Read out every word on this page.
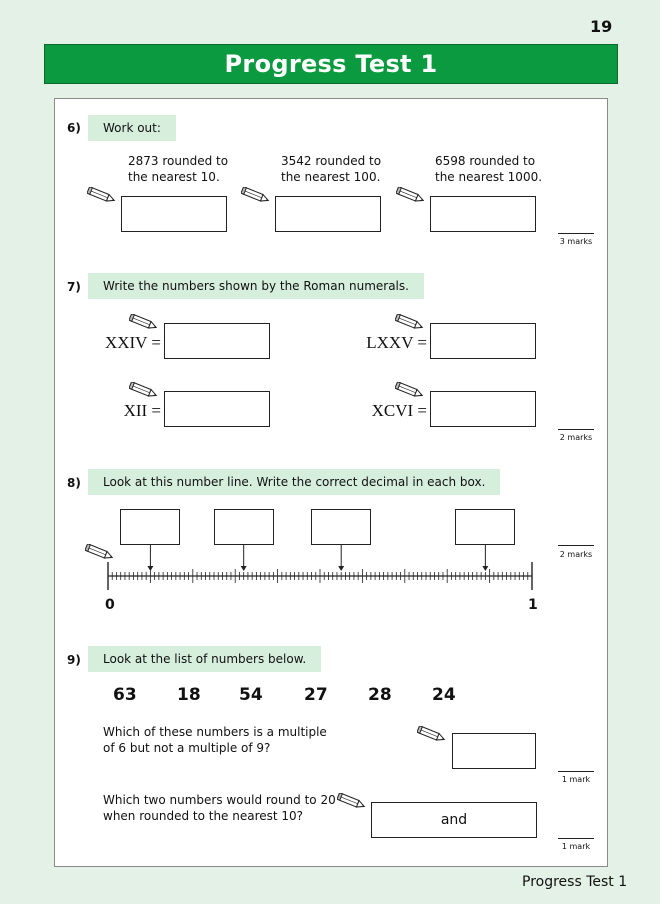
19
Progress Test 1
6)	Work out:
2873 rounded to
the nearest 10.
3542 rounded to
the nearest 100.
6598 rounded to
the nearest 1000.
3 marks
7)	Write the numbers shown by the Roman numerals.
XXIV =	LXXV =
XII =	XCVI =
2 marks
8)	Look at this number line. Write the correct decimal in each box.
0	1
2 marks
9)	Look at the list of numbers below.
63 18 54 27 28 24
Which of these numbers is a multiple
of 6 but not a multiple of 9?
1 mark
Which two numbers would round to 20
when rounded to the nearest 10?	and
1 mark
Progress Test 1
